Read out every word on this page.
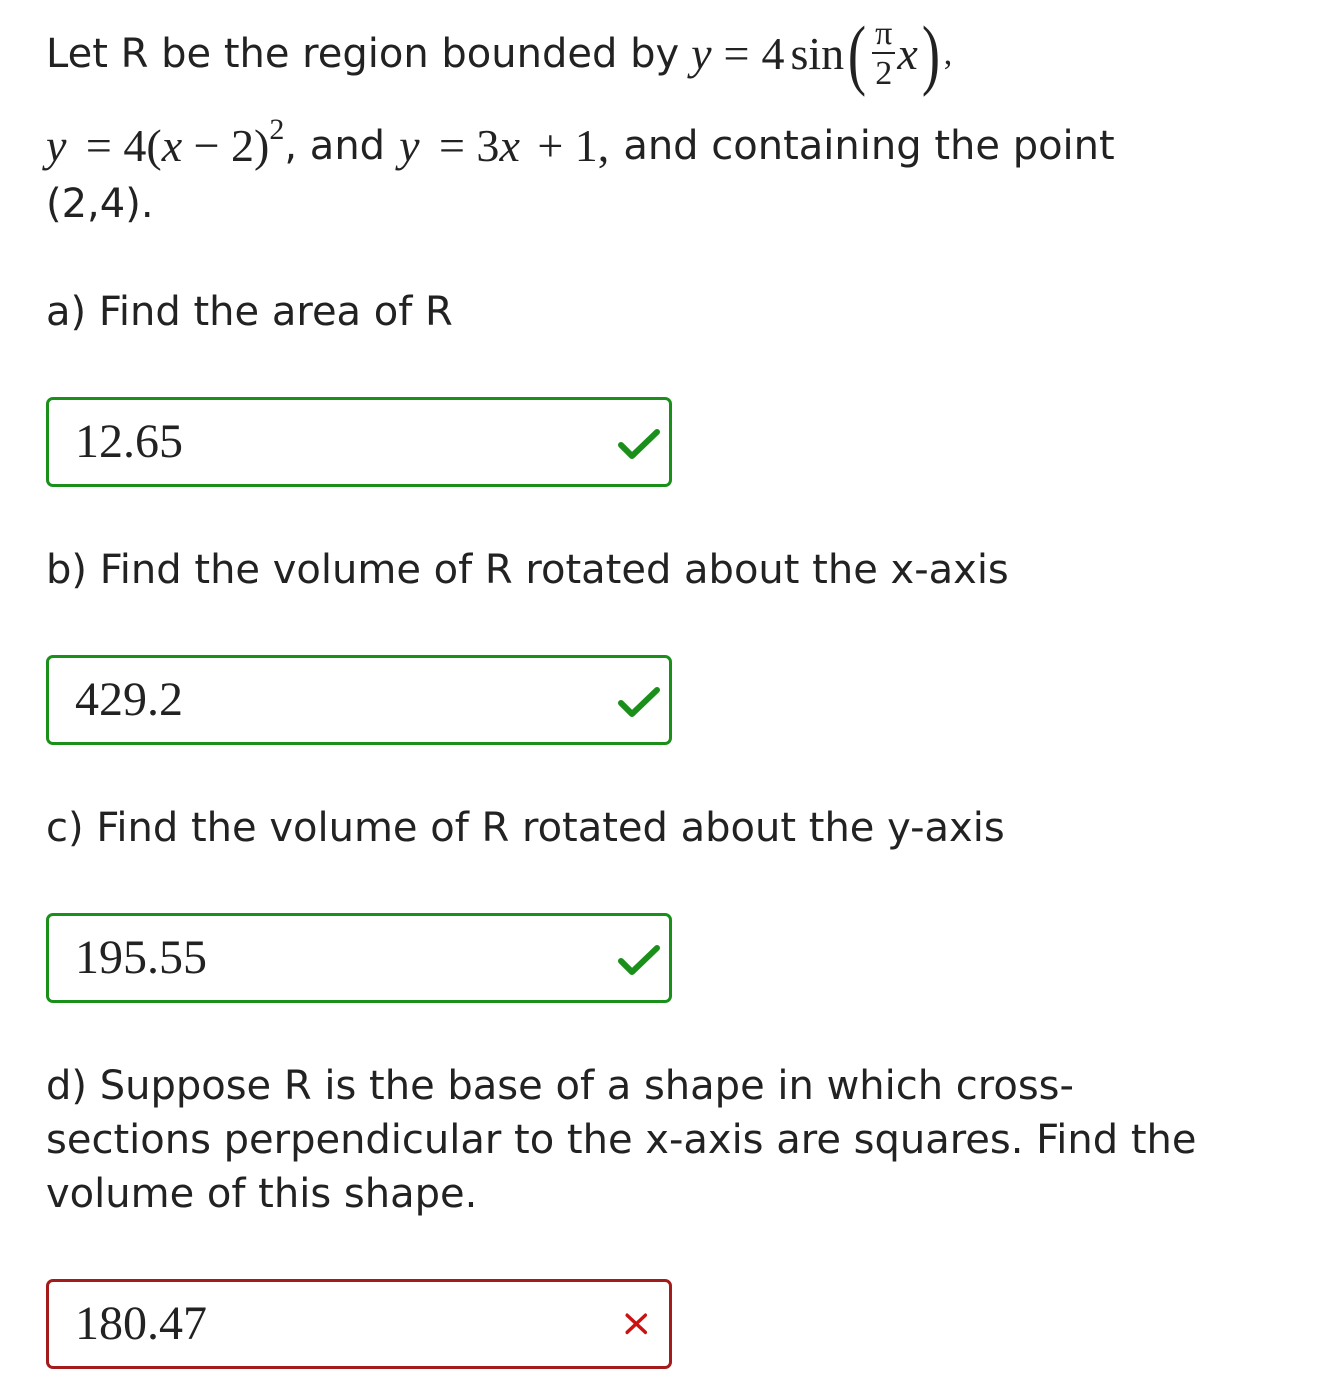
Let R be the region bounded by y = 4 sin ( $\frac{\pi}{2}$ x ) ,
$y = 4(x - 2)^2$ , and y = 3x + 1, and containing the point
(2,4).

a) Find the area of R

12.65

b) Find the volume of R rotated about the x-axis

429.2

c) Find the volume of R rotated about the y-axis

195.55

d) Suppose R is the base of a shape in which cross-sections perpendicular to the x-axis are squares. Find the volume of this shape.

180.47
